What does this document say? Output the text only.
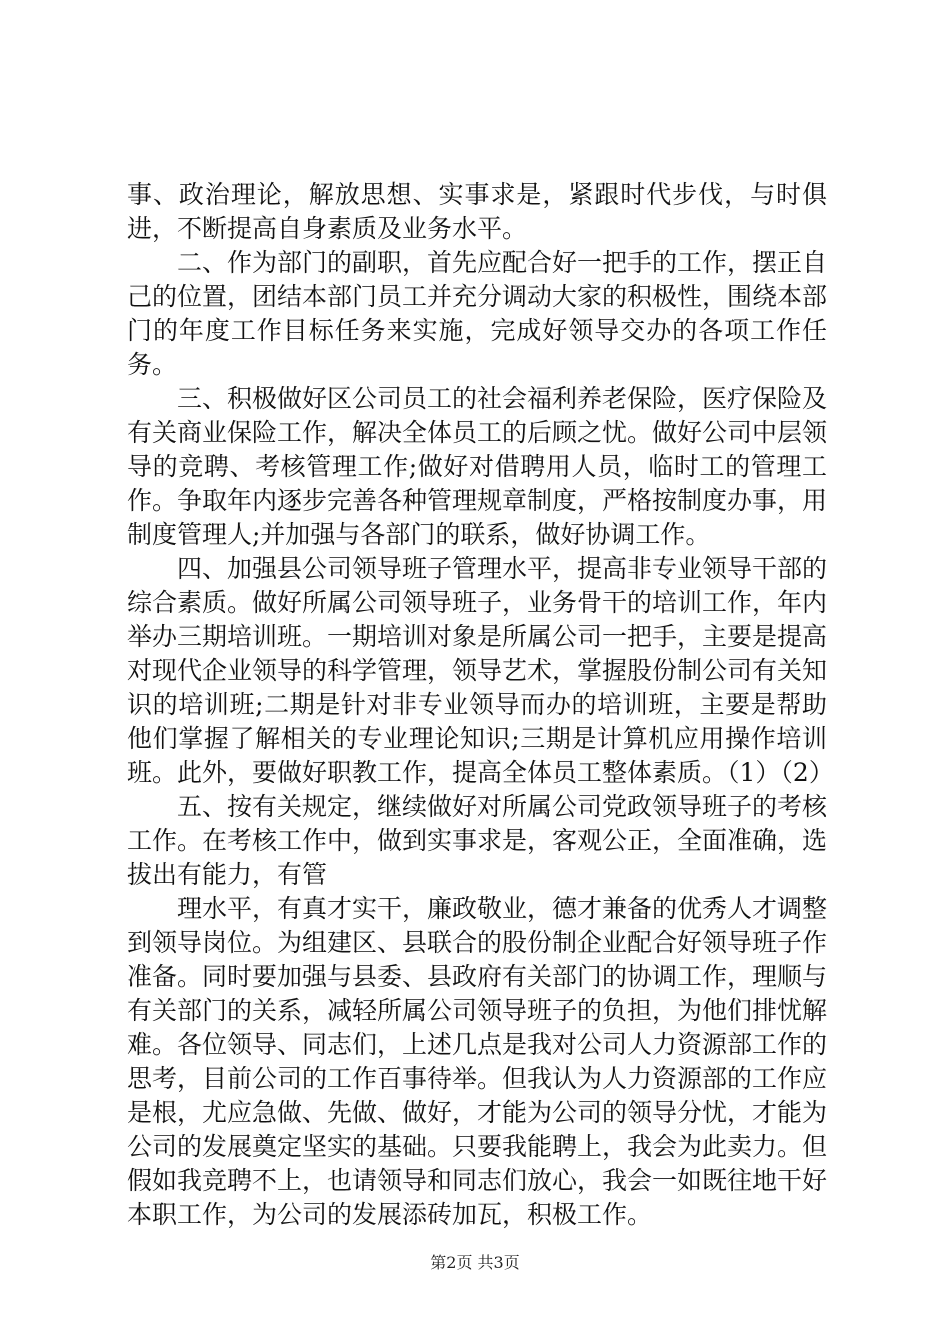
事、政治理论，解放思想、实事求是，紧跟时代步伐，与时俱进，不断提高自身素质及业务水平。

二、作为部门的副职，首先应配合好一把手的工作，摆正自己的位置，团结本部门员工并充分调动大家的积极性，围绕本部门的年度工作目标任务来实施，完成好领导交办的各项工作任务。

三、积极做好区公司员工的社会福利养老保险，医疗保险及有关商业保险工作，解决全体员工的后顾之忧。做好公司中层领导的竞聘、考核管理工作;做好对借聘用人员，临时工的管理工作。争取年内逐步完善各种管理规章制度，严格按制度办事，用制度管理人;并加强与各部门的联系，做好协调工作。

四、加强县公司领导班子管理水平，提高非专业领导干部的综合素质。做好所属公司领导班子，业务骨干的培训工作，年内举办三期培训班。一期培训对象是所属公司一把手，主要是提高对现代企业领导的科学管理，领导艺术，掌握股份制公司有关知识的培训班;二期是针对非专业领导而办的培训班，主要是帮助他们掌握了解相关的专业理论知识;三期是计算机应用操作培训班。此外，要做好职教工作，提高全体员工整体素质。（1）（2）

五、按有关规定，继续做好对所属公司党政领导班子的考核工作。在考核工作中，做到实事求是，客观公正，全面准确，选拔出有能力，有管

理水平，有真才实干，廉政敬业，德才兼备的优秀人才调整到领导岗位。为组建区、县联合的股份制企业配合好领导班子作准备。同时要加强与县委、县政府有关部门的协调工作，理顺与有关部门的关系，减轻所属公司领导班子的负担，为他们排忧解难。各位领导、同志们，上述几点是我对公司人力资源部工作的思考，目前公司的工作百事待举。但我认为人力资源部的工作应是根，尤应急做、先做、做好，才能为公司的领导分忧，才能为公司的发展奠定坚实的基础。只要我能聘上，我会为此卖力。但假如我竞聘不上，也请领导和同志们放心，我会一如既往地干好本职工作，为公司的发展添砖加瓦，积极工作。

第2页 共3页
